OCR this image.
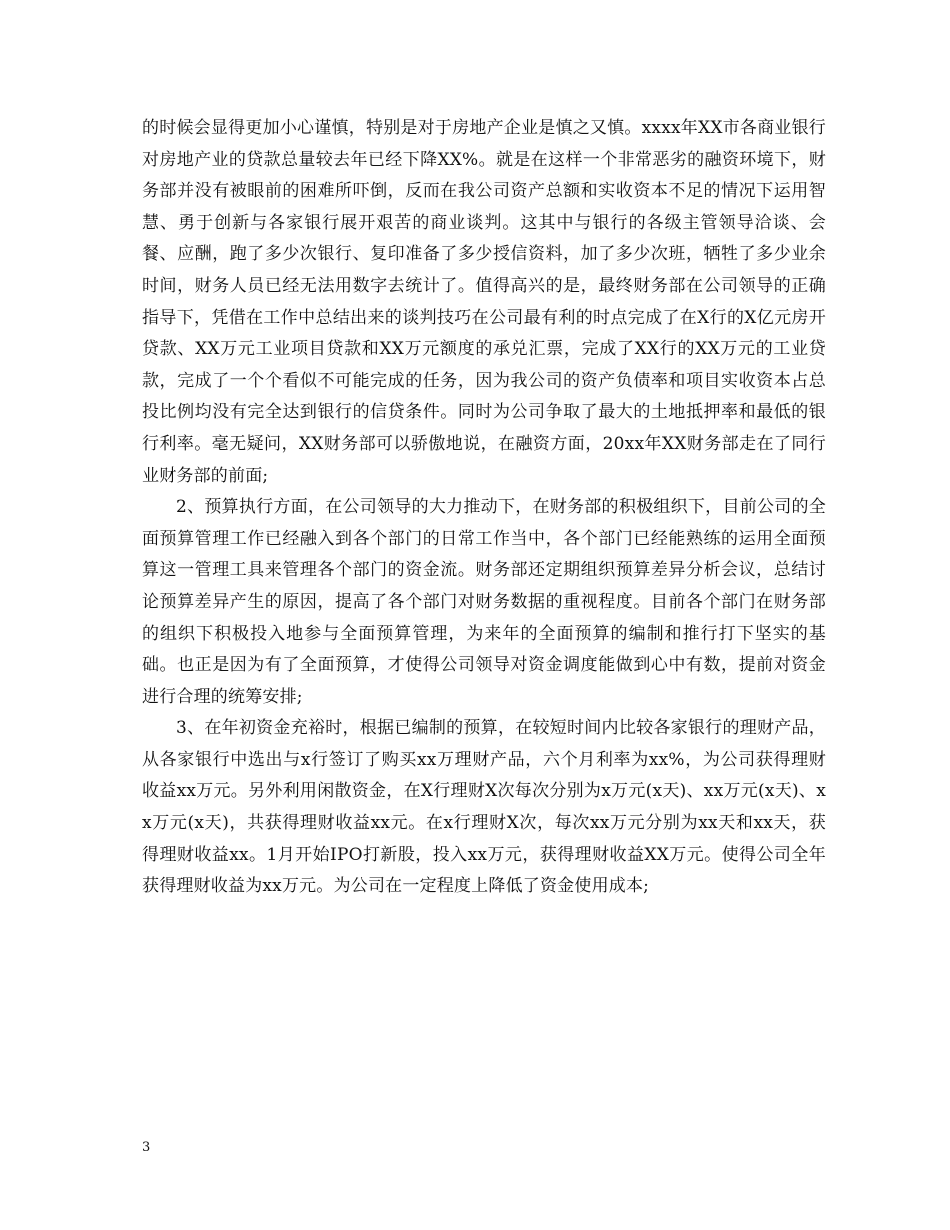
的时候会显得更加小心谨慎，特别是对于房地产企业是慎之又慎。xxxx年XX市各商业银行对房地产业的贷款总量较去年已经下降XX%。就是在这样一个非常恶劣的融资环境下，财务部并没有被眼前的困难所吓倒，反而在我公司资产总额和实收资本不足的情况下运用智慧、勇于创新与各家银行展开艰苦的商业谈判。这其中与银行的各级主管领导洽谈、会餐、应酬，跑了多少次银行、复印准备了多少授信资料，加了多少次班，牺牲了多少业余时间，财务人员已经无法用数字去统计了。值得高兴的是，最终财务部在公司领导的正确指导下，凭借在工作中总结出来的谈判技巧在公司最有利的时点完成了在X行的X亿元房开贷款、XX万元工业项目贷款和XX万元额度的承兑汇票，完成了XX行的XX万元的工业贷款，完成了一个个看似不可能完成的任务，因为我公司的资产负债率和项目实收资本占总投比例均没有完全达到银行的信贷条件。同时为公司争取了最大的土地抵押率和最低的银行利率。毫无疑问，XX财务部可以骄傲地说，在融资方面，20xx年XX财务部走在了同行业财务部的前面;

2、预算执行方面，在公司领导的大力推动下，在财务部的积极组织下，目前公司的全面预算管理工作已经融入到各个部门的日常工作当中，各个部门已经能熟练的运用全面预算这一管理工具来管理各个部门的资金流。财务部还定期组织预算差异分析会议，总结讨论预算差异产生的原因，提高了各个部门对财务数据的重视程度。目前各个部门在财务部的组织下积极投入地参与全面预算管理，为来年的全面预算的编制和推行打下坚实的基础。也正是因为有了全面预算，才使得公司领导对资金调度能做到心中有数，提前对资金进行合理的统筹安排;

3、在年初资金充裕时，根据已编制的预算，在较短时间内比较各家银行的理财产品，从各家银行中选出与x行签订了购买xx万理财产品，六个月利率为xx%，为公司获得理财收益xx万元。另外利用闲散资金，在X行理财X次每次分别为x万元(x天)、xx万元(x天)、xx万元(x天)，共获得理财收益xx元。在x行理财X次，每次xx万元分别为xx天和xx天，获得理财收益xx。1月开始IPO打新股，投入xx万元，获得理财收益XX万元。使得公司全年获得理财收益为xx万元。为公司在一定程度上降低了资金使用成本;

3
